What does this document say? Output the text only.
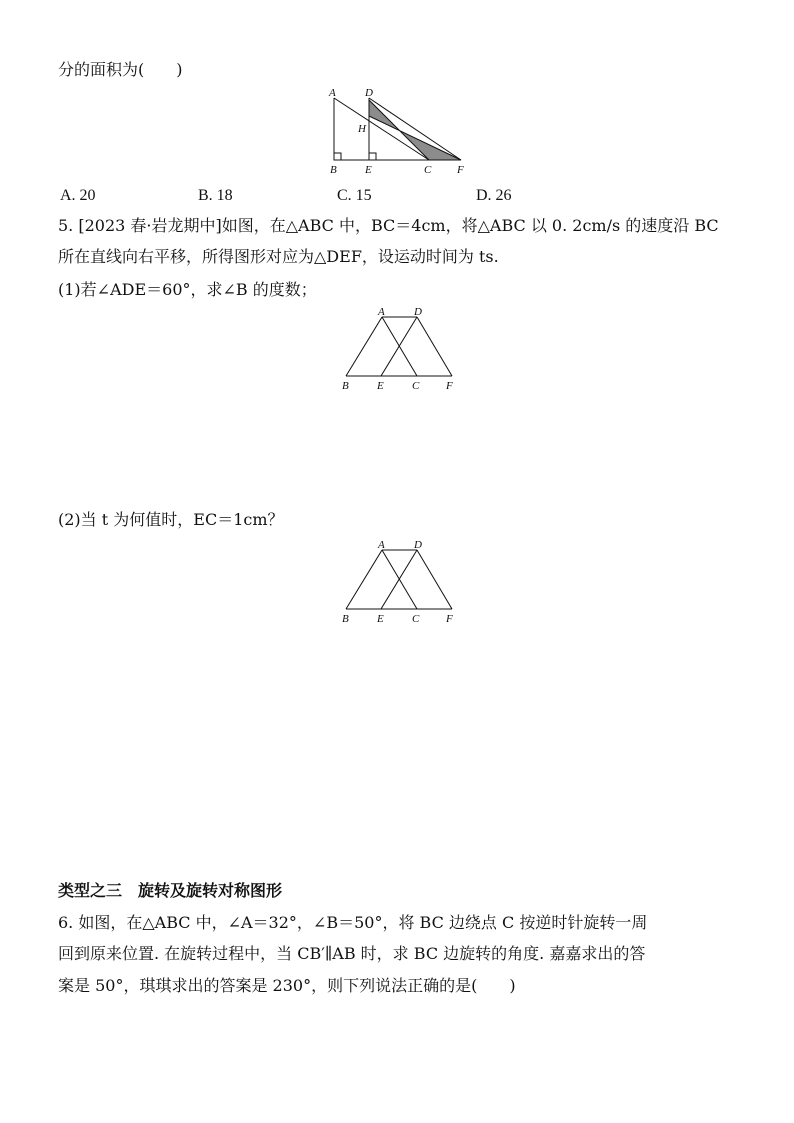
分的面积为(　　)
A	D
H
B	E	C F
A. 20	B. 18	C. 15	D. 26
5. [2023 春·岩龙期中]如图，在△ABC 中，BC＝4cm，将△ABC 以 0. 2cm/s 的速度沿 BC
所在直线向右平移，所得图形对应为△DEF，设运动时间为 ts.
(1)若∠ADE＝60°，求∠B 的度数；
A	D
B	E	C F
(2)当 t 为何值时，EC＝1cm？
A	D
B	E	C F
类型之三　旋转及旋转对称图形
6. 如图，在△ABC 中，∠A＝32°，∠B＝50°，将 BC 边绕点 C 按逆时针旋转一周
回到原来位置. 在旋转过程中，当 CB′∥AB 时，求 BC 边旋转的角度. 嘉嘉求出的答
案是 50°，琪琪求出的答案是 230°，则下列说法正确的是(　　)
